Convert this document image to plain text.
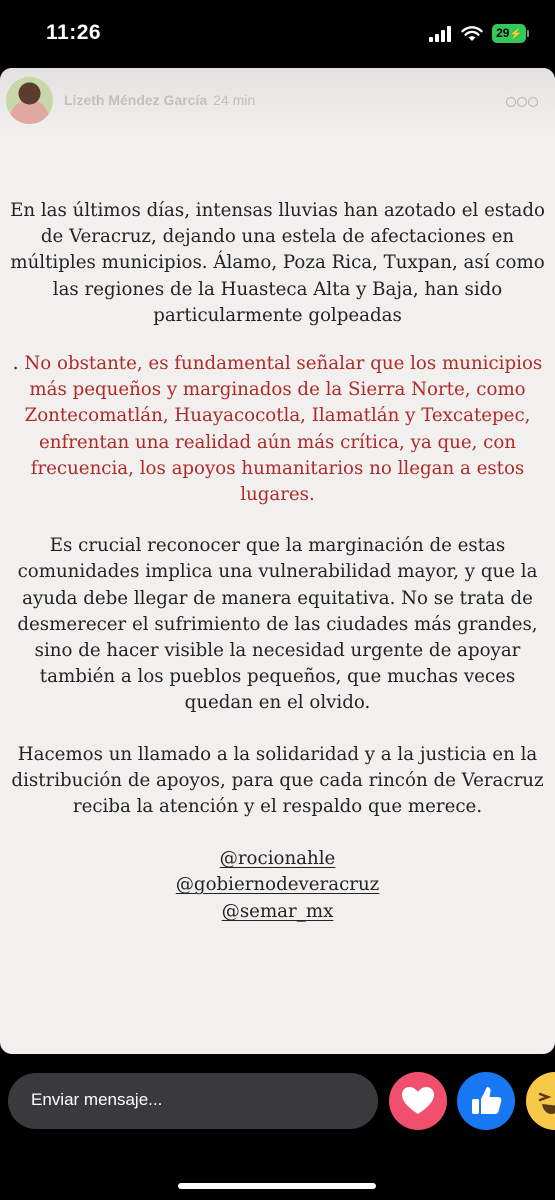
11:26	29⚡
Lizeth Méndez García 24 min

En las últimos días, intensas lluvias han azotado el estado de Veracruz, dejando una estela de afectaciones en múltiples municipios. Álamo, Poza Rica, Tuxpan, así como las regiones de la Huasteca Alta y Baja, han sido particularmente golpeadas

. No obstante, es fundamental señalar que los municipios más pequeños y marginados de la Sierra Norte, como Zontecomatlán, Huayacocotla, Ilamatlán y Texcatepec, enfrentan una realidad aún más crítica, ya que, con frecuencia, los apoyos humanitarios no llegan a estos lugares.

Es crucial reconocer que la marginación de estas comunidades implica una vulnerabilidad mayor, y que la ayuda debe llegar de manera equitativa. No se trata de desmerecer el sufrimiento de las ciudades más grandes, sino de hacer visible la necesidad urgente de apoyar también a los pueblos pequeños, que muchas veces quedan en el olvido.

Hacemos un llamado a la solidaridad y a la justicia en la distribución de apoyos, para que cada rincón de Veracruz reciba la atención y el respaldo que merece.

@rocionahle
@gobiernodeveracruz
@semar_mx
Enviar mensaje...
